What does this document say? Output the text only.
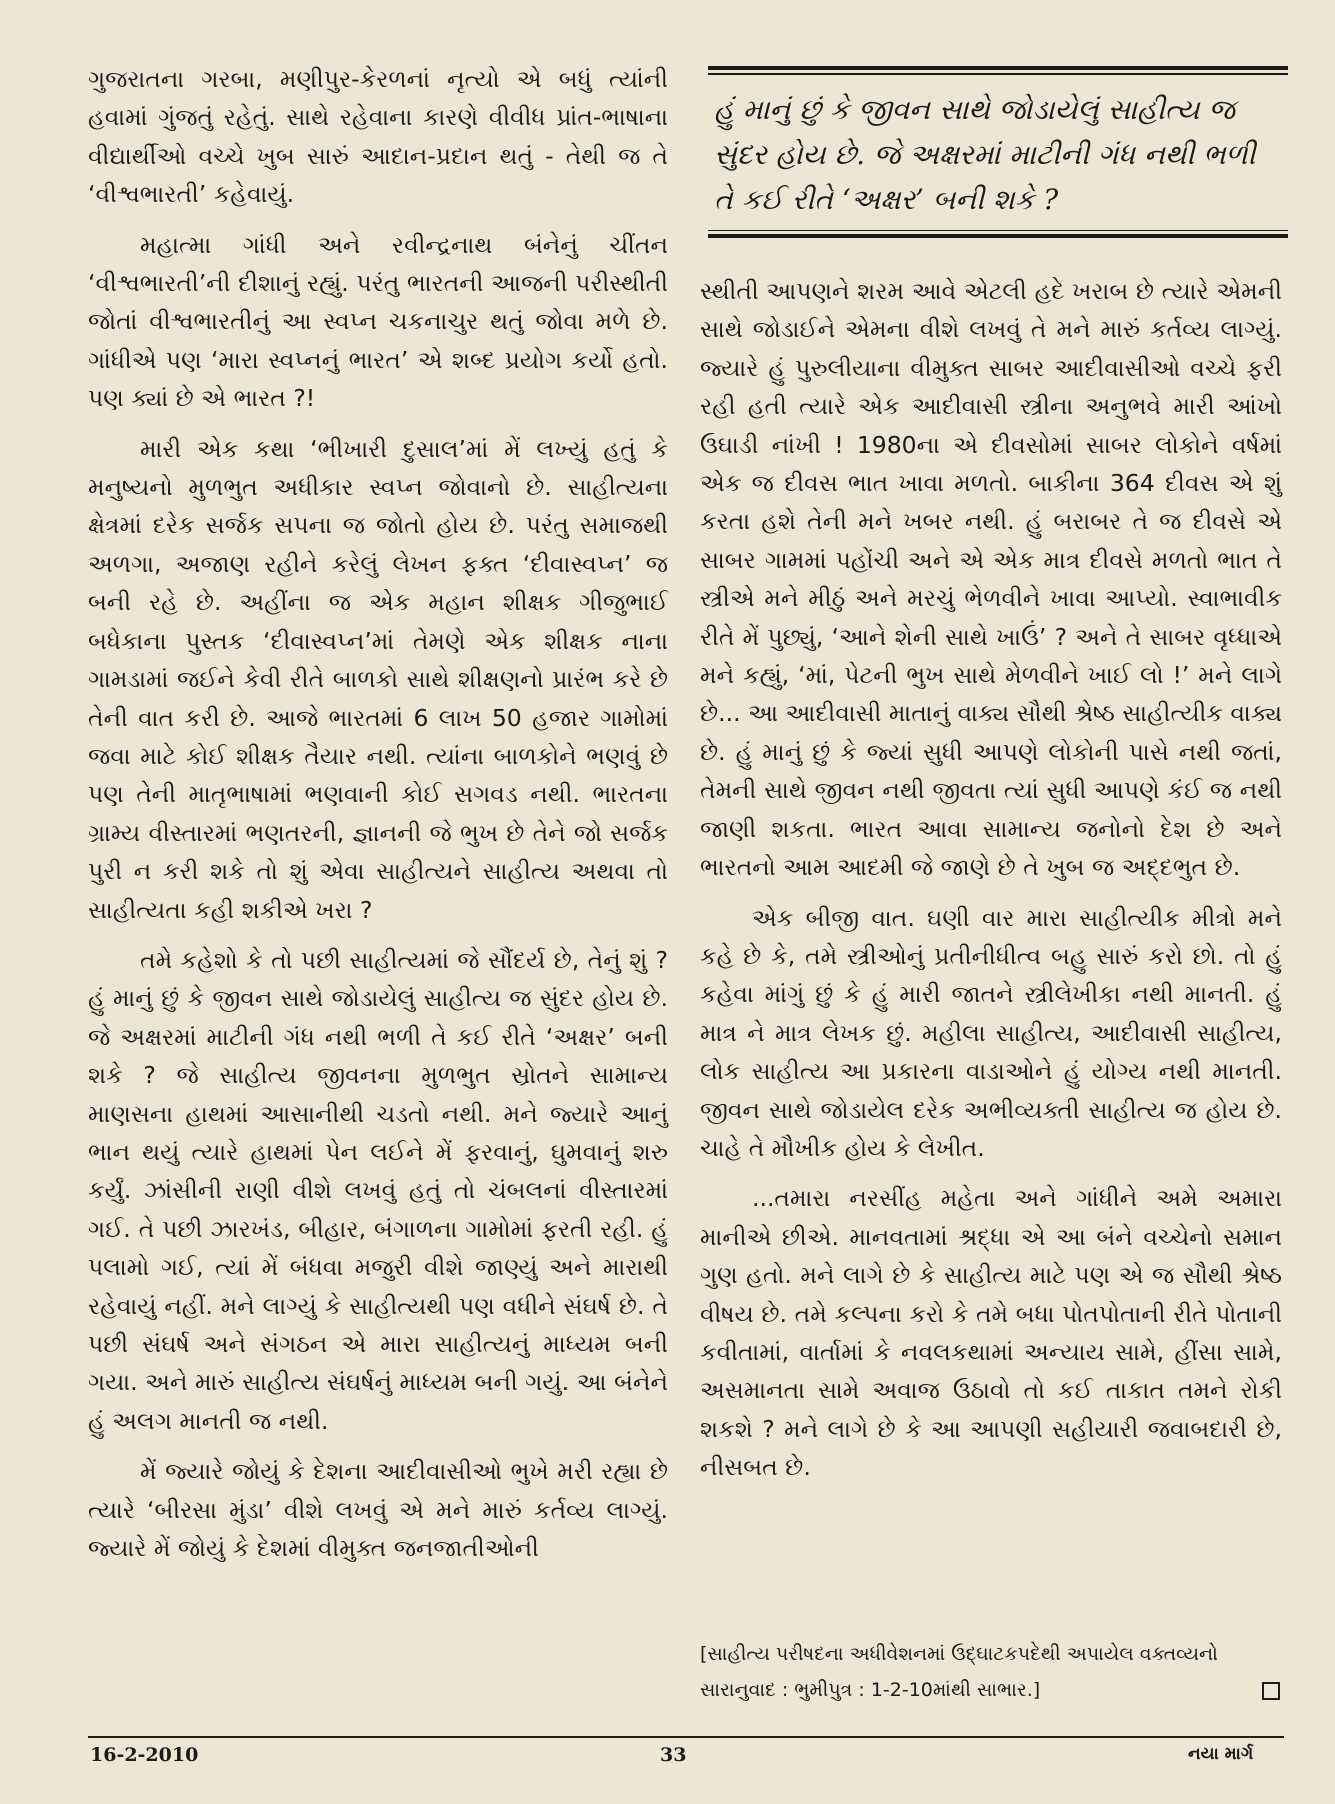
ગુજરાતના ગરબા, મણીપુર-કેરળનાં નૃત્યો એ બધું ત્યાંની હવામાં ગુંજતું રહેતું. સાથે રહેવાના કારણે વીવીધ પ્રાંત-ભાષાના વીદ્યાર્થીઓ વચ્ચે ખુબ સારું આદાન-પ્રદાન થતું - તેથી જ તે ‘વીશ્વભારતી’ કહેવાયું.

મહાત્મા ગાંધી અને રવીન્દ્રનાથ બંનેનું ચીંતન ‘વીશ્વભારતી’ની દીશાનું રહ્યું. પરંતુ ભારતની આજની પરીસ્થીતી જોતાં વીશ્વભારતીનું આ સ્વપ્ન ચકનાચુર થતું જોવા મળે છે. ગાંધીએ પણ ‘મારા સ્વપ્નનું ભારત’ એ શબ્દ પ્રયોગ કર્યો હતો. પણ ક્યાં છે એ ભારત ?!

મારી એક કથા ‘ભીખારી દુસાલ’માં મેં લખ્યું હતું કે મનુષ્યનો મુળભુત અધીકાર સ્વપ્ન જોવાનો છે. સાહીત્યના ક્ષેત્રમાં દરેક સર્જક સપના જ જોતો હોય છે. પરંતુ સમાજથી અળગા, અજાણ રહીને કરેલું લેખન ફક્ત ‘દીવાસ્વપ્ન’ જ બની રહે છે. અહીંના જ એક મહાન શીક્ષક ગીજુભાઈ બધેકાના પુસ્તક ‘દીવાસ્વપ્ન’માં તેમણે એક શીક્ષક નાના ગામડામાં જઈને કેવી રીતે બાળકો સાથે શીક્ષણનો પ્રારંભ કરે છે તેની વાત કરી છે. આજે ભારતમાં 6 લાખ 50 હજાર ગામોમાં જવા માટે કોઈ શીક્ષક તૈયાર નથી. ત્યાંના બાળકોને ભણવું છે પણ તેની માતૃભાષામાં ભણવાની કોઈ સગવડ નથી. ભારતના ગ્રામ્ય વીસ્તારમાં ભણતરની, જ્ઞાનની જે ભુખ છે તેને જો સર્જક પુરી ન કરી શકે તો શું એવા સાહીત્યને સાહીત્ય અથવા તો સાહીત્યતા કહી શકીએ ખરા ?

તમે કહેશો કે તો પછી સાહીત્યમાં જે સૌંદર્ય છે, તેનું શું ? હું માનું છું કે જીવન સાથે જોડાયેલું સાહીત્ય જ સુંદર હોય છે. જે અક્ષરમાં માટીની ગંધ નથી ભળી તે કઈ રીતે ‘અક્ષર’ બની શકે ? જે સાહીત્ય જીવનના મુળભુત સ્રોતને સામાન્ય માણસના હાથમાં આસાનીથી ચડતો નથી. મને જ્યારે આનું ભાન થયું ત્યારે હાથમાં પેન લઈને મેં ફરવાનું, ઘુમવાનું શરુ કર્યું. ઝાંસીની રાણી વીશે લખવું હતું તો ચંબલનાં વીસ્તારમાં ગઈ. તે પછી ઝારખંડ, બીહાર, બંગાળના ગામોમાં ફરતી રહી. હું પલામો ગઈ, ત્યાં મેં બંધવા મજુરી વીશે જાણ્યું અને મારાથી રહેવાયું નહીં. મને લાગ્યું કે સાહીત્યથી પણ વધીને સંઘર્ષ છે. તે પછી સંઘર્ષ અને સંગઠન એ મારા સાહીત્યનું માધ્યમ બની ગયા. અને મારું સાહીત્ય સંઘર્ષનું માધ્યમ બની ગયું. આ બંનેને હું અલગ માનતી જ નથી.

મેં જ્યારે જોયું કે દેશના આદીવાસીઓ ભુખે મરી રહ્યા છે ત્યારે ‘બીરસા મુંડા’ વીશે લખવું એ મને મારું કર્તવ્ય લાગ્યું. જ્યારે મેં જોયું કે દેશમાં વીમુક્ત જનજાતીઓની

હું માનું છું કે જીવન સાથે જોડાયેલું સાહીત્ય જ સુંદર હોય છે. જે અક્ષરમાં માટીની ગંધ નથી ભળી તે કઈ રીતે ‘અક્ષર’ બની શકે ?

સ્થીતી આપણને શરમ આવે એટલી હદે ખરાબ છે ત્યારે એમની સાથે જોડાઈને એમના વીશે લખવું તે મને મારું કર્તવ્ય લાગ્યું. જ્યારે હું પુરુલીયાના વીમુક્ત સાબર આદીવાસીઓ વચ્ચે ફરી રહી હતી ત્યારે એક આદીવાસી સ્ત્રીના અનુભવે મારી આંખો ઉઘાડી નાંખી ! 1980ના એ દીવસોમાં સાબર લોકોને વર્ષમાં એક જ દીવસ ભાત ખાવા મળતો. બાકીના 364 દીવસ એ શું કરતા હશે તેની મને ખબર નથી. હું બરાબર તે જ દીવસે એ સાબર ગામમાં પહોંચી અને એ એક માત્ર દીવસે મળતો ભાત તે સ્ત્રીએ મને મીઠું અને મરચું ભેળવીને ખાવા આપ્યો. સ્વાભાવીક રીતે મેં પુછ્યું, ‘આને શેની સાથે ખાઉં’ ? અને તે સાબર વૃધ્ધાએ મને કહ્યું, ‘માં, પેટની ભુખ સાથે મેળવીને ખાઈ લો !’ મને લાગે છે... આ આદીવાસી માતાનું વાક્ય સૌથી શ્રેષ્ઠ સાહીત્યીક વાક્ય છે. હું માનું છું કે જ્યાં સુધી આપણે લોકોની પાસે નથી જતાં, તેમની સાથે જીવન નથી જીવતા ત્યાં સુધી આપણે કંઈ જ નથી જાણી શકતા. ભારત આવા સામાન્ય જનોનો દેશ છે અને ભારતનો આમ આદમી જે જાણે છે તે ખુબ જ અદ્દભુત છે.

એક બીજી વાત. ઘણી વાર મારા સાહીત્યીક મીત્રો મને કહે છે કે, તમે સ્ત્રીઓનું પ્રતીનીધીત્વ બહુ સારું કરો છો. તો હું કહેવા માંગું છું કે હું મારી જાતને સ્ત્રીલેખીકા નથી માનતી. હું માત્ર ને માત્ર લેખક છું. મહીલા સાહીત્ય, આદીવાસી સાહીત્ય, લોક સાહીત્ય આ પ્રકારના વાડાઓને હું યોગ્ય નથી માનતી. જીવન સાથે જોડાયેલ દરેક અભીવ્યક્તી સાહીત્ય જ હોય છે. ચાહે તે મૌખીક હોય કે લેખીત.

...તમારા નરસીંહ મહેતા અને ગાંધીને અમે અમારા માનીએ છીએ. માનવતામાં શ્રદ્ધા એ આ બંને વચ્ચેનો સમાન ગુણ હતો. મને લાગે છે કે સાહીત્ય માટે પણ એ જ સૌથી શ્રેષ્ઠ વીષય છે. તમે કલ્પના કરો કે તમે બધા પોતપોતાની રીતે પોતાની કવીતામાં, વાર્તામાં કે નવલકથામાં અન્યાય સામે, હીંસા સામે, અસમાનતા સામે અવાજ ઉઠાવો તો કઈ તાકાત તમને રોકી શકશે ? મને લાગે છે કે આ આપણી સહીયારી જવાબદારી છે, નીસબત છે.

[સાહીત્ય પરીષદના અધીવેશનમાં ઉદ્ઘાટકપદેથી અપાયેલ વક્તવ્યનો સારાનુવાદ : ભુમીપુત્ર : 1-2-10માંથી સાભાર.]
16-2-2010	33	નયા માર્ગ
